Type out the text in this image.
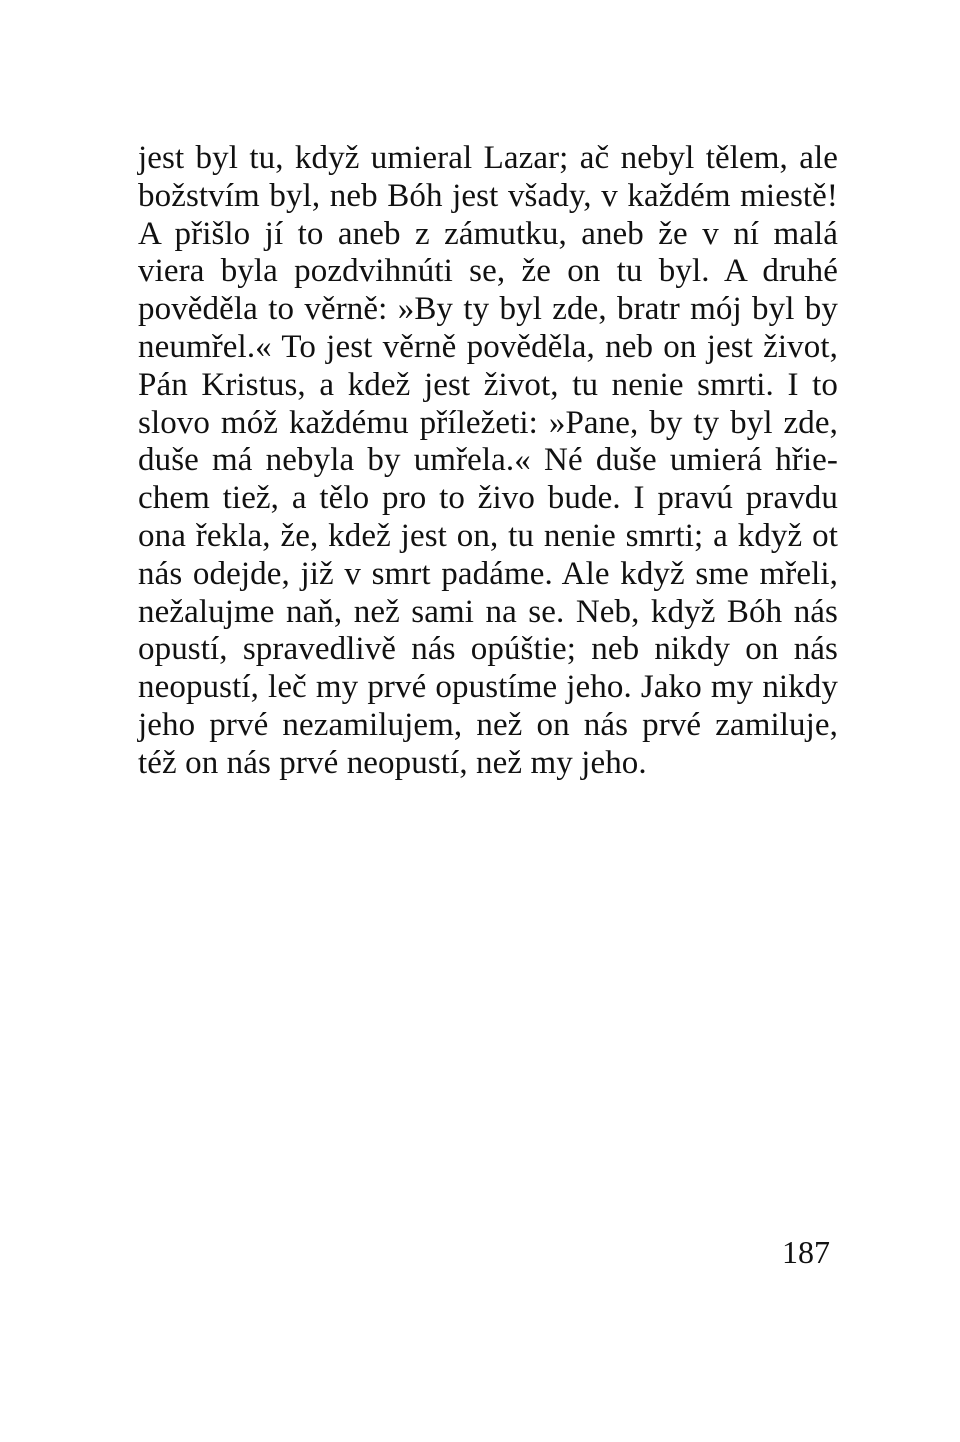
jest byl tu, když umieral Lazar; ač nebyl tělem, ale
božstvím byl, neb Bóh jest všady, v každém miestě!
A přišlo jí to aneb z zámutku, aneb že v ní malá
viera byla pozdvihnúti se, že on tu byl. A druhé
pověděla to věrně: »By ty byl zde, bratr mój byl by
neumřel.« To jest věrně pověděla, neb on jest život,
Pán Kristus, a kdež jest život, tu nenie smrti. I to
slovo móž každému příležeti: »Pane, by ty byl zde,
duše má nebyla by umřela.« Né duše umierá hřie-
chem tiež, a tělo pro to živo bude. I pravú pravdu
ona řekla, že, kdež jest on, tu nenie smrti; a když ot
nás odejde, již v smrt padáme. Ale když sme mřeli,
nežalujme naň, než sami na se. Neb, když Bóh nás
opustí, spravedlivě nás opúštie; neb nikdy on nás
neopustí, leč my prvé opustíme jeho. Jako my nikdy
jeho prvé nezamilujem, než on nás prvé zamiluje,
též on nás prvé neopustí, než my jeho.
187
